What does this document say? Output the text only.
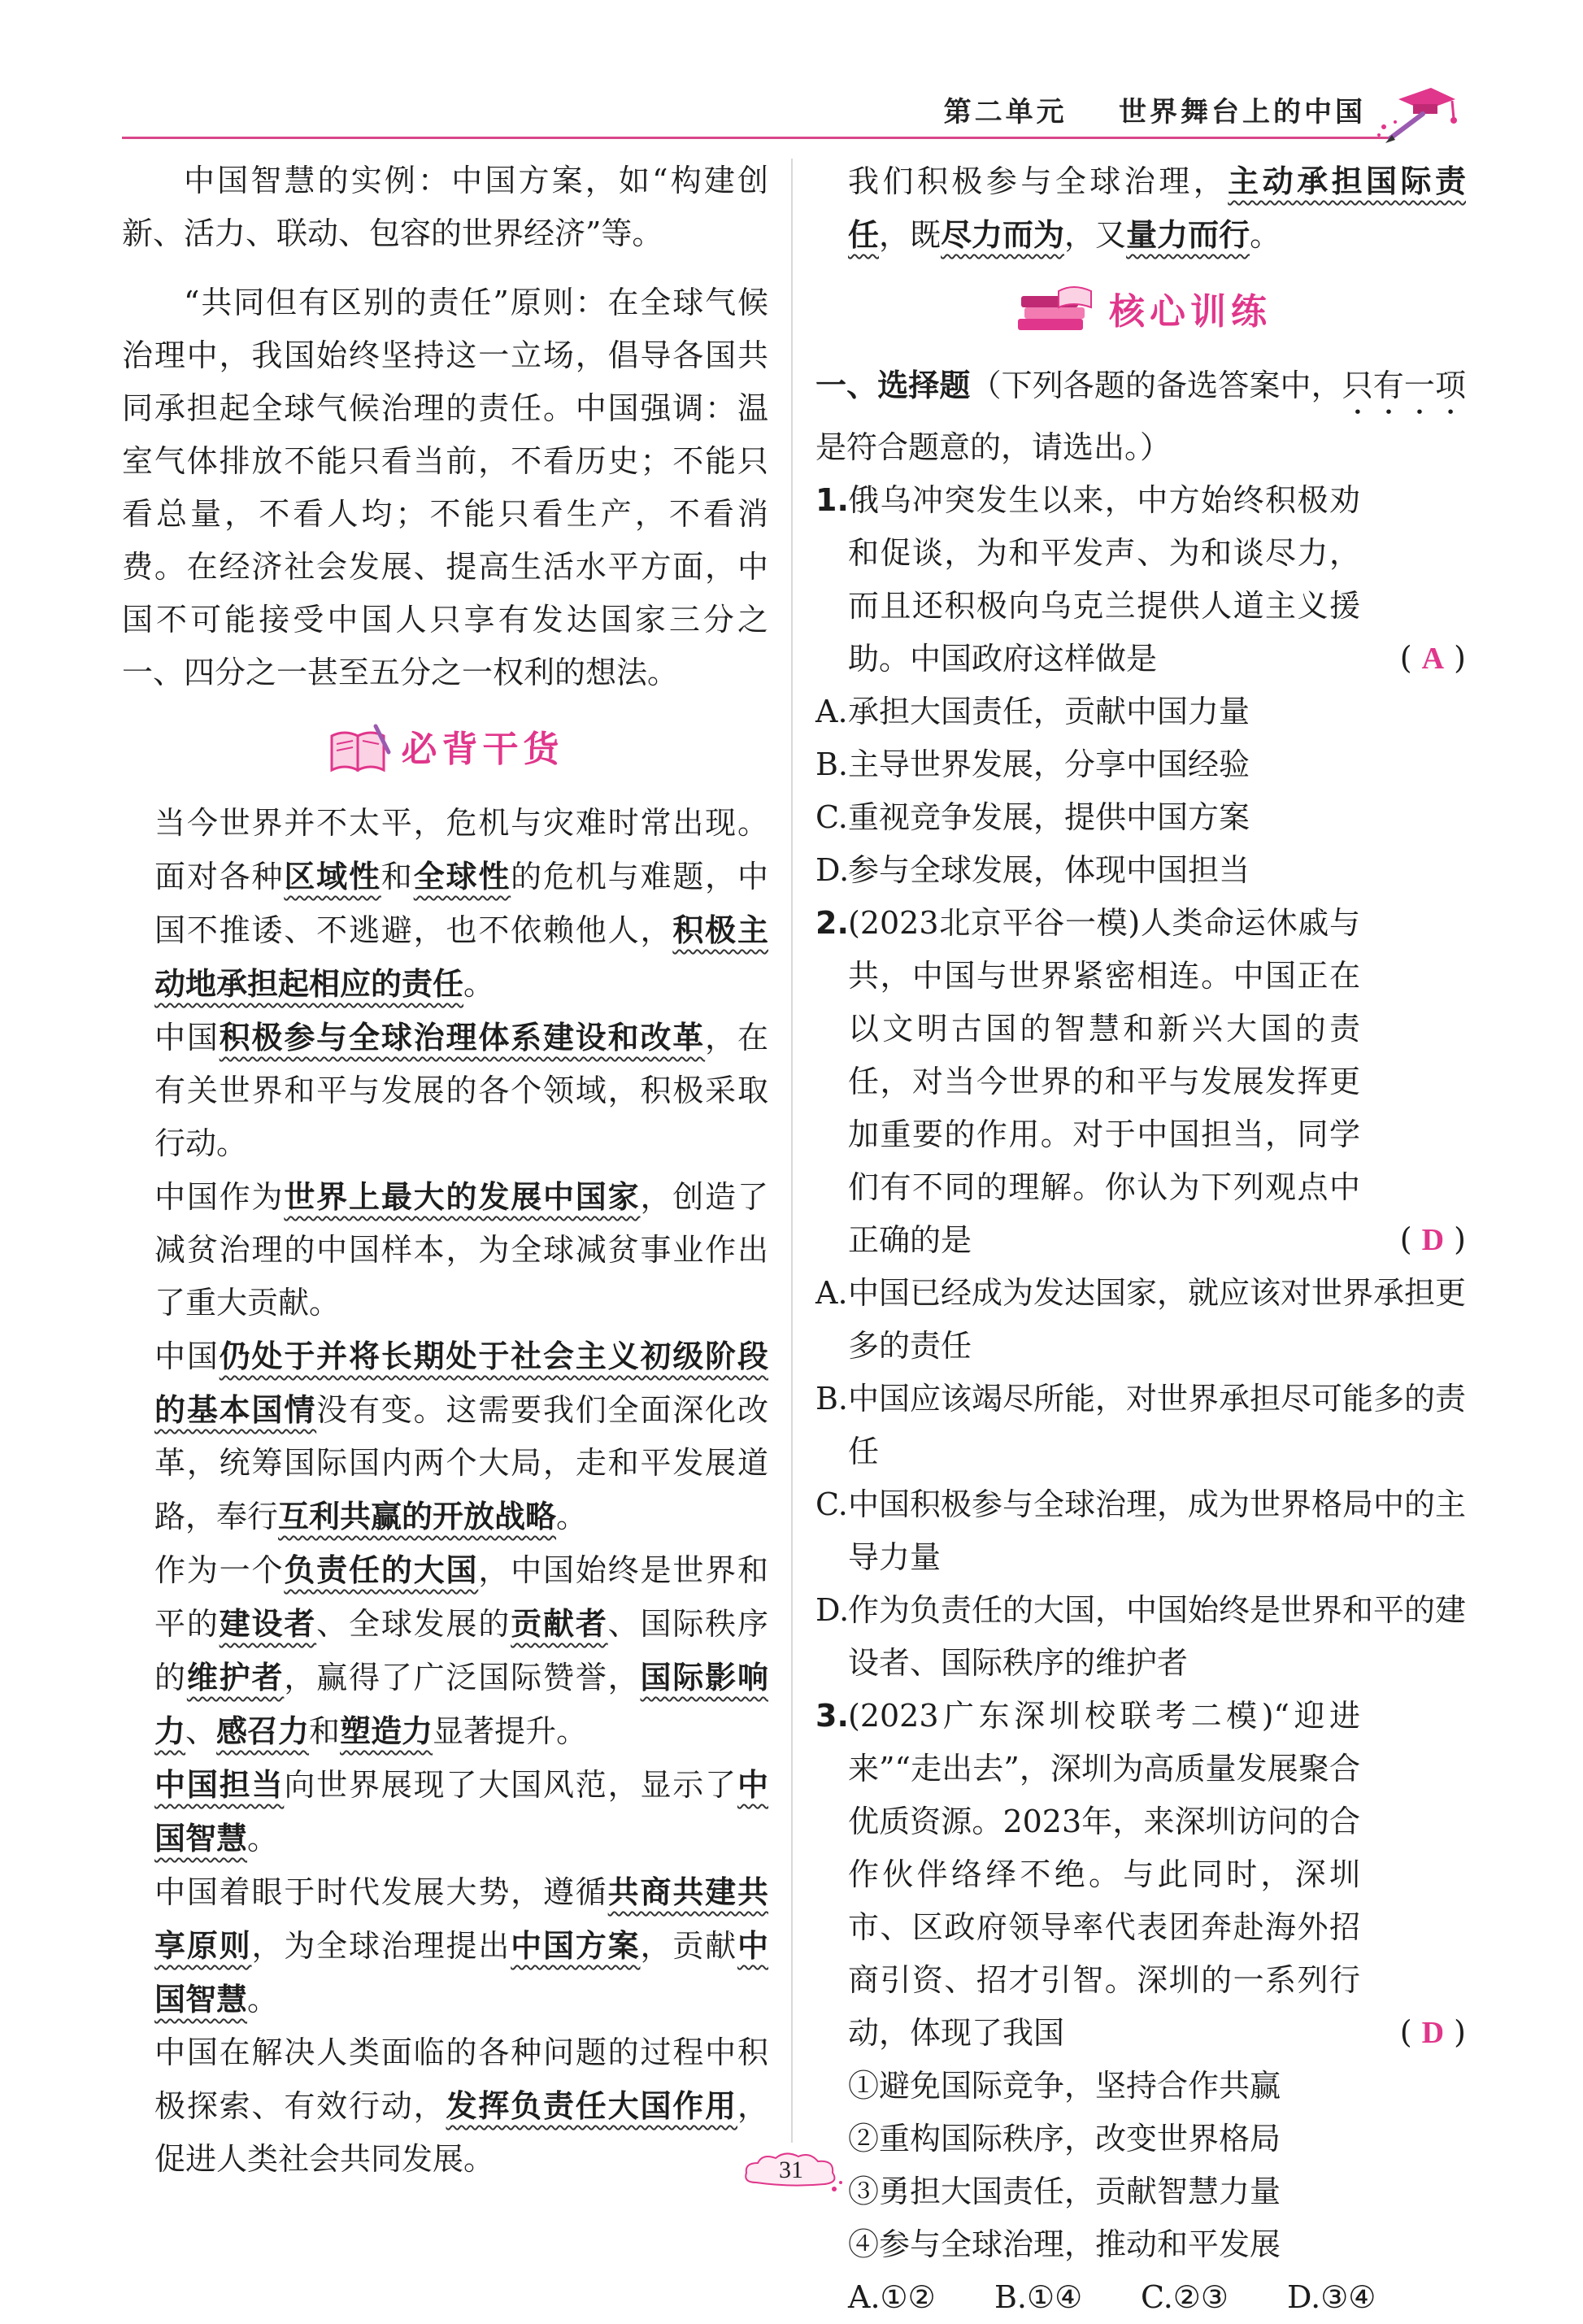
第二单元 世界舞台上的中国

中国智慧的实例：中国方案，如“构建创新、活力、联动、包容的世界经济”等。

“共同但有区别的责任”原则：在全球气候治理中，我国始终坚持这一立场，倡导各国共同承担起全球气候治理的责任。中国强调：温室气体排放不能只看当前，不看历史；不能只看总量，不看人均；不能只看生产，不看消费。在经济社会发展、提高生活水平方面，中国不可能接受中国人只享有发达国家三分之一、四分之一甚至五分之一权利的想法。

必背干货
当今世界并不太平，危机与灾难时常出现。面对各种区域性和全球性的危机与难题，中国不推诿、不逃避，也不依赖他人，积极主动地承担起相应的责任。
中国积极参与全球治理体系建设和改革，在有关世界和平与发展的各个领域，积极采取行动。
中国作为世界上最大的发展中国家，创造了减贫治理的中国样本，为全球减贫事业作出了重大贡献。
中国仍处于并将长期处于社会主义初级阶段的基本国情没有变。这需要我们全面深化改革，统筹国际国内两个大局，走和平发展道路，奉行互利共赢的开放战略。
作为一个负责任的大国，中国始终是世界和平的建设者、全球发展的贡献者、国际秩序的维护者，赢得了广泛国际赞誉，国际影响力、感召力和塑造力显著提升。
中国担当向世界展现了大国风范，显示了中国智慧。
中国着眼于时代发展大势，遵循共商共建共享原则，为全球治理提出中国方案，贡献中国智慧。
中国在解决人类面临的各种问题的过程中积极探索、有效行动，发挥负责任大国作用，促进人类社会共同发展。
我们积极参与全球治理，主动承担国际责任，既尽力而为，又量力而行。
核心训练

一、选择题（下列各题的备选答案中，只有一项是符合题意的，请选出。）

1. 俄乌冲突发生以来，中方始终积极劝和促谈，为和平发声、为和谈尽力，而且还积极向乌克兰提供人道主义援助。中国政府这样做是	( A )
A. 承担大国责任，贡献中国力量
B. 主导世界发展，分享中国经验
C. 重视竞争发展，提供中国方案
D.
参与全球发展，体现中国担当
2. (2023北京平谷一模)人类命运休戚与共，中国与世界紧密相连。中国正在以文明古国的智慧和新兴大国的责任，对当今世界的和平与发展发挥更加重要的作用。对于中国担当，同学们有不同的理解。你认为下列观点中正确的是	( D )
A. 中国已经成为发达国家，就应该对世界承担更多的责任
B. 中国应该竭尽所能，对世界承担尽可能多的责任
C. 中国积极参与全球治理，成为世界格局中的主导力量
D.
作为负责任的大国，中国始终是世界和平的建设者、国际秩序的维护者
3. (2023广东深圳校联考二模)“迎进来”“走出去”，深圳为高质量发展聚合优质资源。2023年，来深圳访问的合作伙伴络绎不绝。与此同时，深圳市、区政府领导率代表团奔赴海外招商引资、招才引智。深圳的一系列行动，体现了我国	( D )
①避免国际竞争，坚持合作共赢
②重构国际秩序，改变世界格局
③勇担大国责任，贡献智慧力量
④参与全球治理，推动和平发展
A.①②	B.①④	C.②③	D.③④
31
